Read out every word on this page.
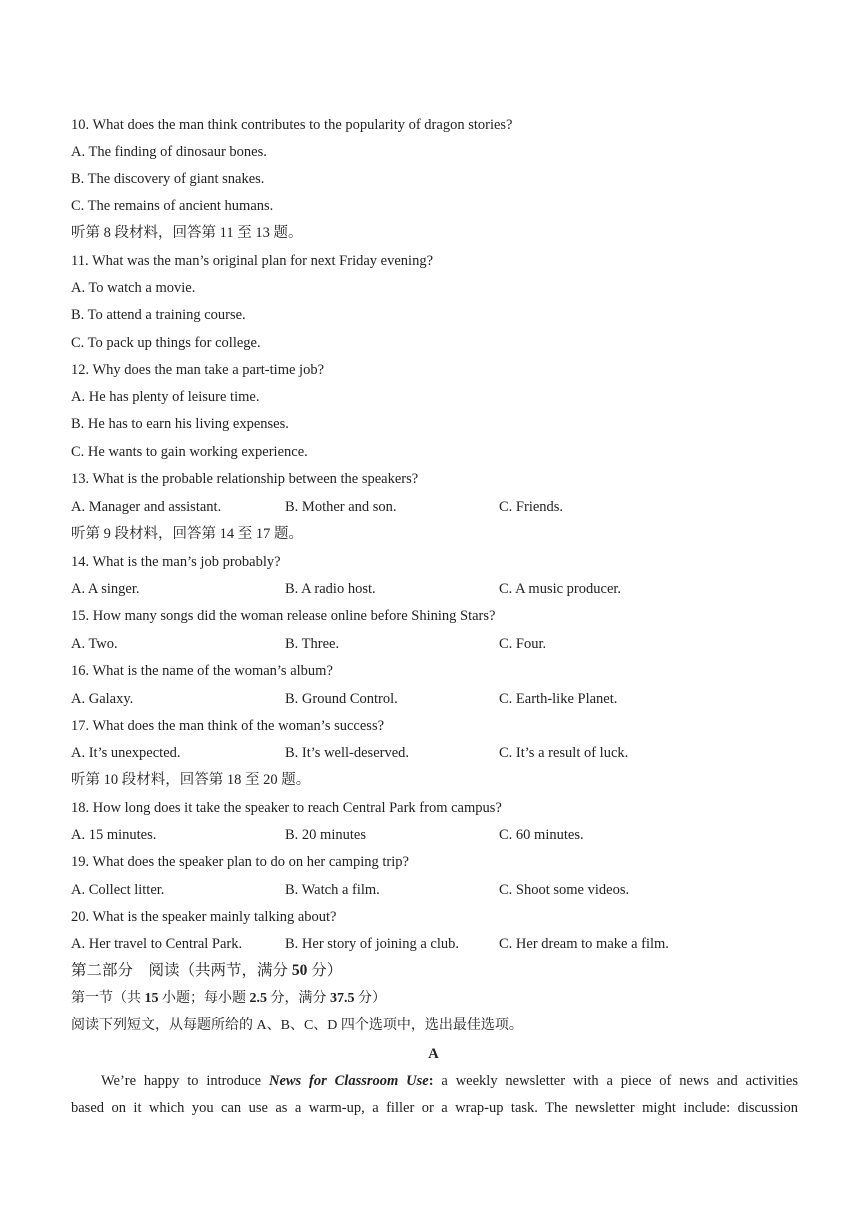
10. What does the man think contributes to the popularity of dragon stories?
A. The finding of dinosaur bones.
B. The discovery of giant snakes.
C. The remains of ancient humans.
听第 8 段材料，回答第 11 至 13 题。
11. What was the man’s original plan for next Friday evening?
A. To watch a movie.
B. To attend a training course.
C. To pack up things for college.
12. Why does the man take a part-time job?
A. He has plenty of leisure time.
B. He has to earn his living expenses.
C. He wants to gain working experience.
13. What is the probable relationship between the speakers?
A. Manager and assistant.	B. Mother and son.	C. Friends.
听第 9 段材料，回答第 14 至 17 题。
14. What is the man’s job probably?
A. A singer.	B. A radio host.	C. A music producer.
15. How many songs did the woman release online before Shining Stars?
A. Two.	B. Three.	C. Four.
16. What is the name of the woman’s album?
A. Galaxy.	B. Ground Control.	C. Earth-like Planet.
17. What does the man think of the woman’s success?
A. It’s unexpected.	B. It’s well-deserved.	C. It’s a result of luck.
听第 10 段材料，回答第 18 至 20 题。
18. How long does it take the speaker to reach Central Park from campus?
A. 15 minutes.	B. 20 minutes	C. 60 minutes.
19. What does the speaker plan to do on her camping trip?
A. Collect litter.	B. Watch a film.	C. Shoot some videos.
20. What is the speaker mainly talking about?
A. Her travel to Central Park.	B. Her story of joining a club.	C. Her dream to make a film.
第二部分　阅读（共两节，满分 50 分）
第一节（共 15 小题；每小题 2.5 分，满分 37.5 分）
阅读下列短文，从每题所给的 A、B、C、D 四个选项中，选出最佳选项。
A
We’re happy to introduce News for Classroom Use: a weekly newsletter with a piece of news and activities
based on it which you can use as a warm-up, a filler or a wrap-up task. The newsletter might include: discussion
